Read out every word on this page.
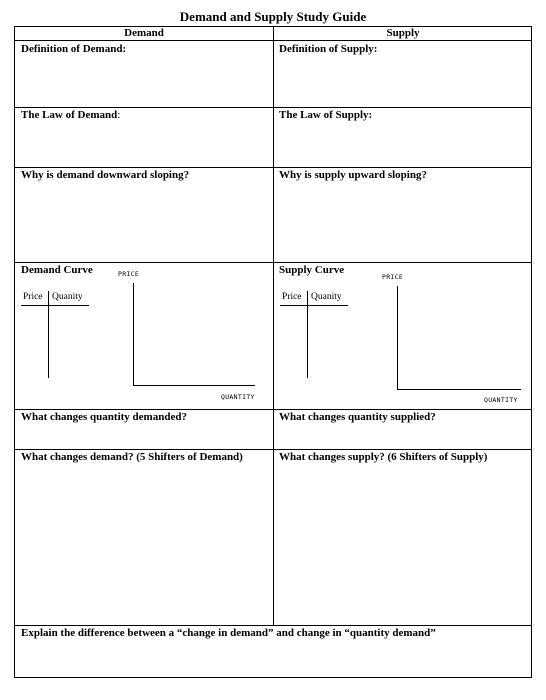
Demand and Supply Study Guide
Demand	Supply
Definition of Demand:	Definition of Supply:
The Law of Demand:	The Law of Supply:
Why is demand downward sloping?	Why is supply upward sloping?
Demand Curve
Price Quanity
PRICE
QUANTITY
Supply Curve
Price Quanity
PRICE
QUANTITY
What changes quantity demanded?	What changes quantity supplied?
What changes demand? (5 Shifters of Demand)	What changes supply? (6 Shifters of Supply)
Explain the difference between a “change in demand” and change in “quantity demand”
